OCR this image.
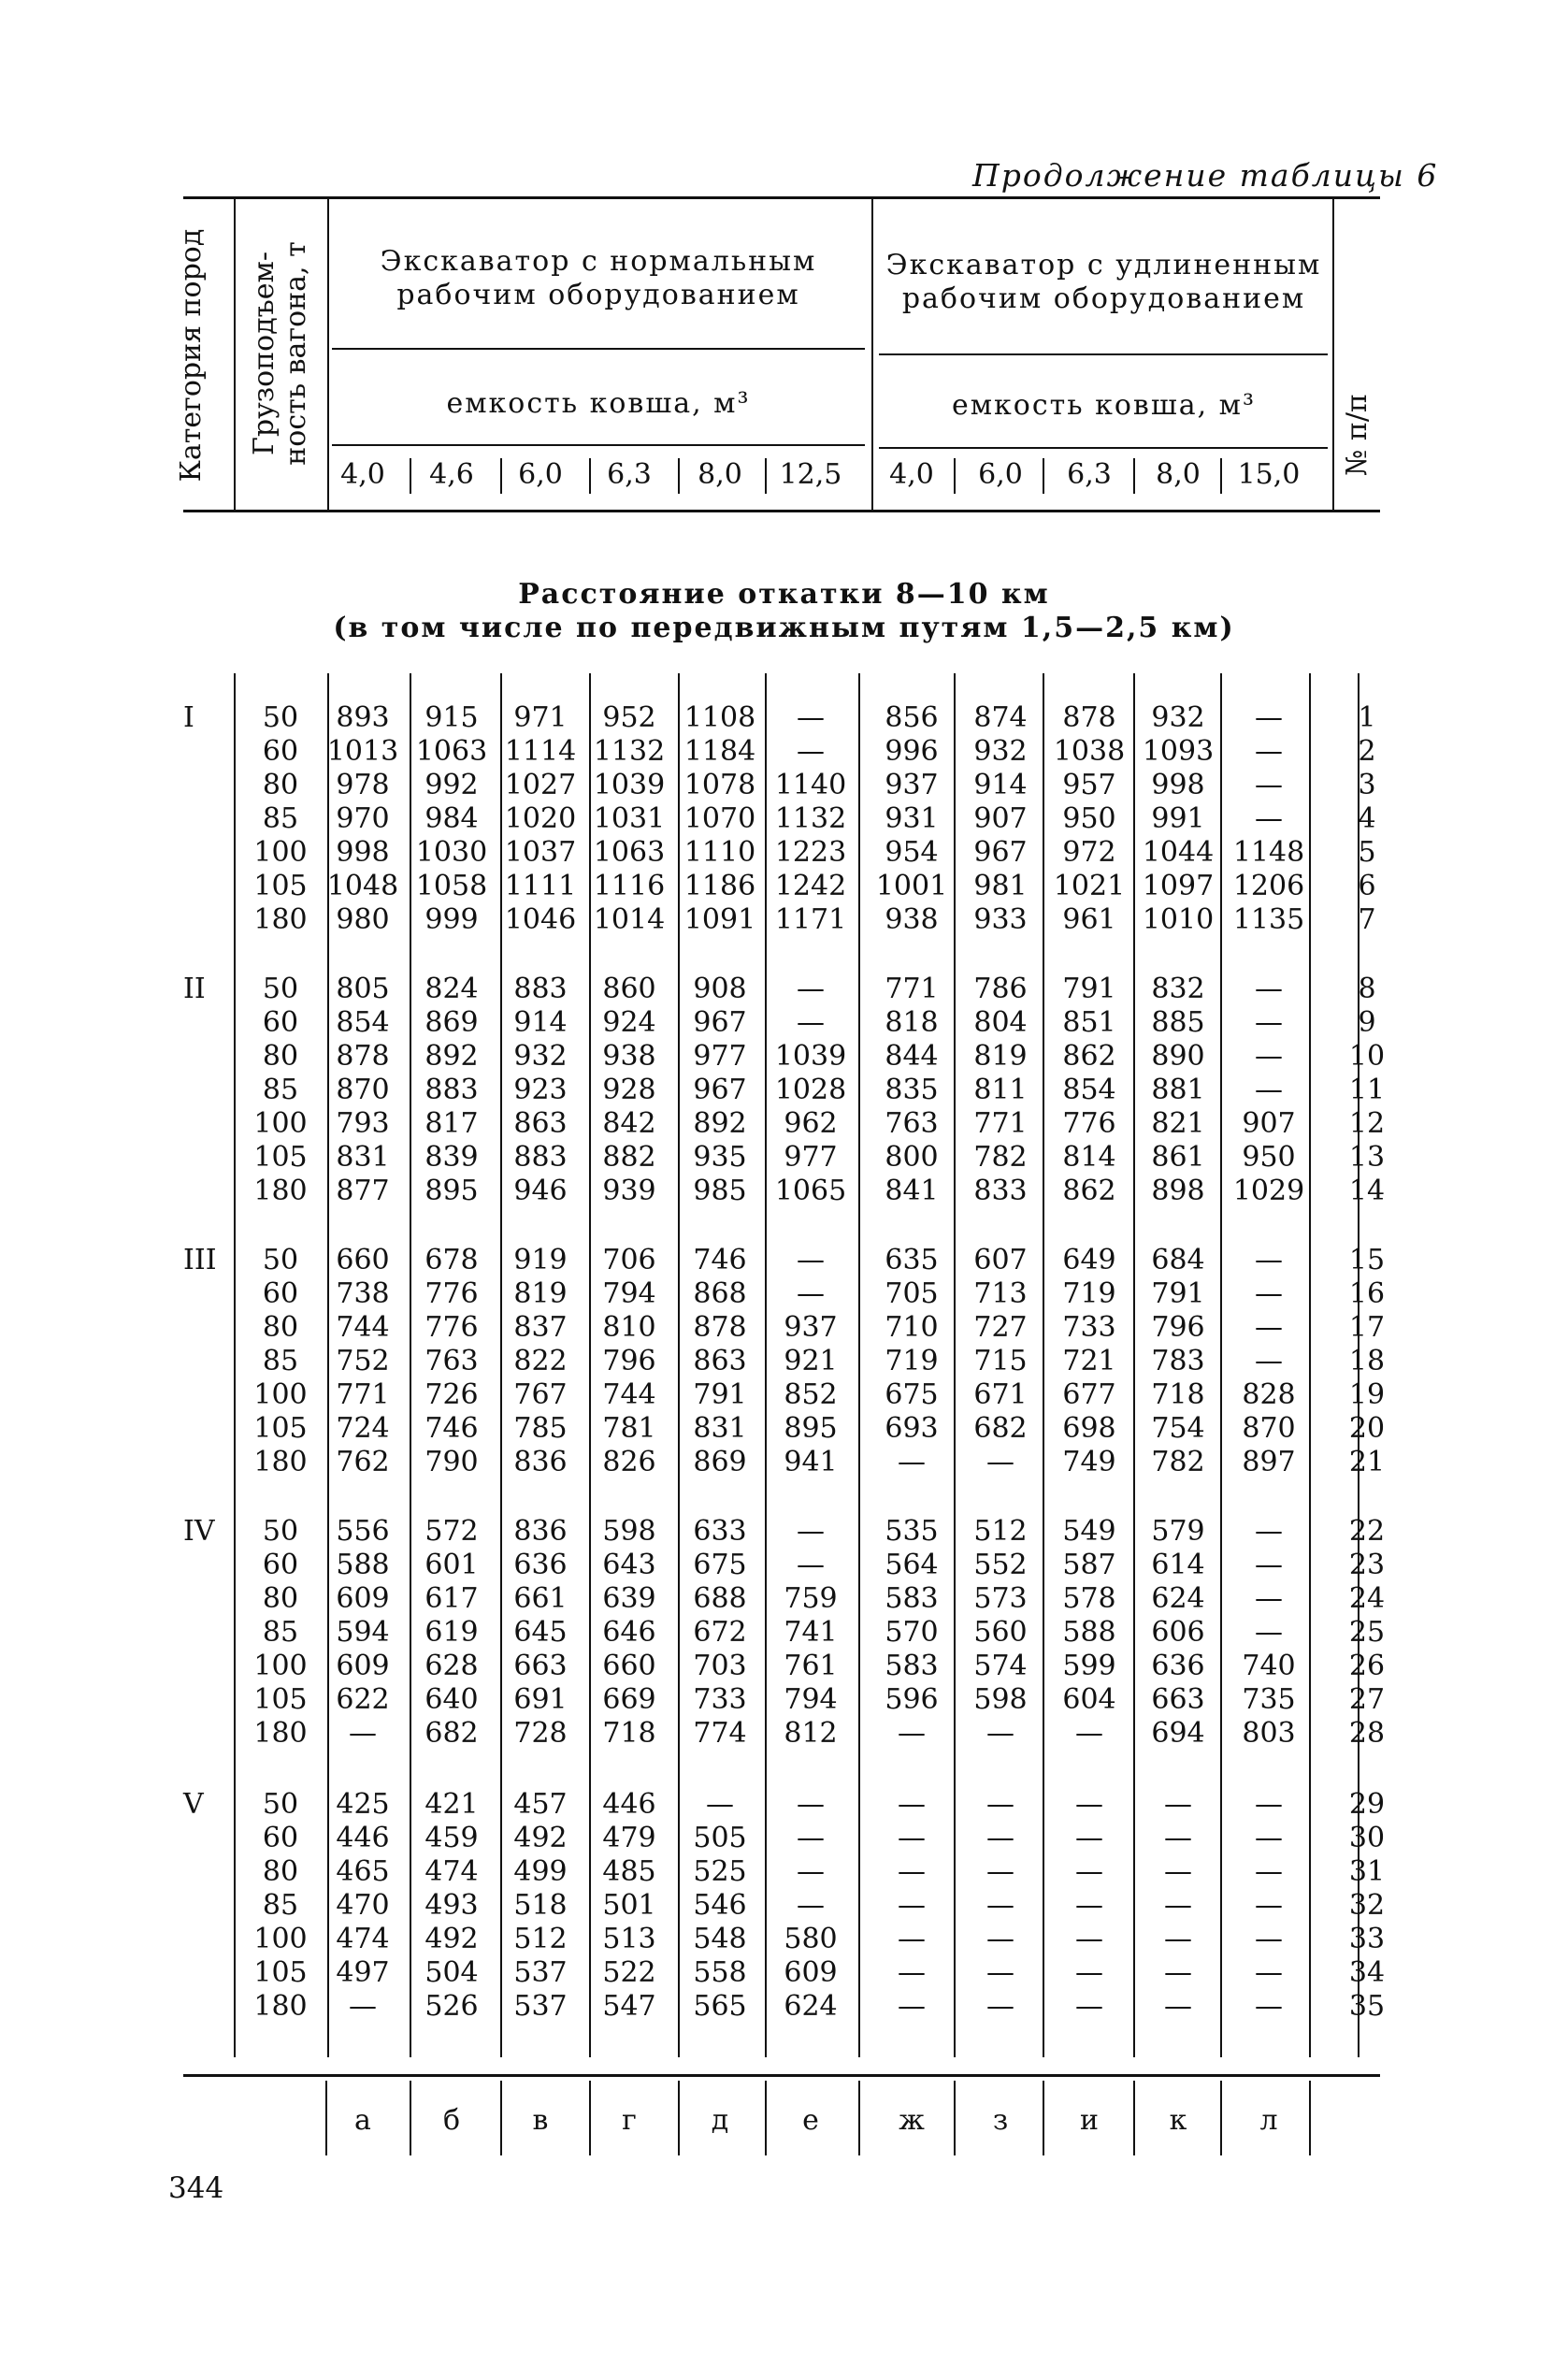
Продолжение таблицы 6
Категория пород Грузоподъем-
ность вагона, т
№ п/п
Экскаватор с нормальным
рабочим оборудованием
Экскаватор с удлиненным
рабочим оборудованием
емкость ковша, м³	емкость ковша, м³
4,0	4,6	6,0	6,3	8,0	12,5	4,0	6,0	6,3	8,0	15,0
Расстояние откатки 8—10 км
(в том числе по передвижным путям 1,5—2,5 км)
I	50	893	915	971	952	1108	—	856	874	878	932	—	1
60	1013 1063 1114 1132 1184	—	996	932 1038 1093	—	2
80	978	992 1027 1039 1078 1140	937	914	957	998	—	3
85	970	984 1020 1031 1070 1132	931	907	950	991	—	4
100	998 1030 1037 1063 1110 1223	954	967	972 1044 1148	5
105 1048 1058 1111 1116 1186 1242 1001 981 1021 1097 1206	6
180	980	999 1046 1014 1091 1171	938	933	961 1010 1135	7
II	50	805	824	883	860	908	—	771	786	791	832	—	8
60	854	869	914	924	967	—	818	804	851	885	—	9
80	878	892	932	938	977	1039	844	819	862	890	—	10
85	870	883	923	928	967	1028	835	811	854	881	—	11
100	793	817	863	842	892	962	763	771	776	821	907	12
105	831	839	883	882	935	977	800	782	814	861	950	13
180	877	895	946	939	985	1065	841	833	862	898	1029	14
III	50	660	678	919	706	746	—	635	607	649	684	—	15
60	738	776	819	794	868	—	705	713	719	791	—	16
80	744	776	837	810	878	937	710	727	733	796	—	17
85	752	763	822	796	863	921	719	715	721	783	—	18
100	771	726	767	744	791	852	675	671	677	718	828	19
105	724	746	785	781	831	895	693	682	698	754	870	20
180	762	790	836	826	869	941	—	—	749	782	897	21
IV	50	556	572	836	598	633	—	535	512	549	579	—	22
60	588	601	636	643	675	—	564	552	587	614	—	23
80	609	617	661	639	688	759	583	573	578	624	—	24
85	594	619	645	646	672	741	570	560	588	606	—	25
100	609	628	663	660	703	761	583	574	599	636	740	26
105	622	640	691	669	733	794	596	598	604	663	735	27
180	—	682	728	718	774	812	—	—	—	694	803	28
V	50	425	421	457	446	—	—	—	—	—	—	—	29
60	446	459	492	479	505	—	—	—	—	—	—	30
80	465	474	499	485	525	—	—	—	—	—	—	31
85	470	493	518	501	546	—	—	—	—	—	—	32
100	474	492	512	513	548	580	—	—	—	—	—	33
105	497	504	537	522	558	609	—	—	—	—	—	34
180	—	526	537	547	565	624	—	—	—	—	—	35
а	б	в	г	д	е	ж	з	и	к	л
344
